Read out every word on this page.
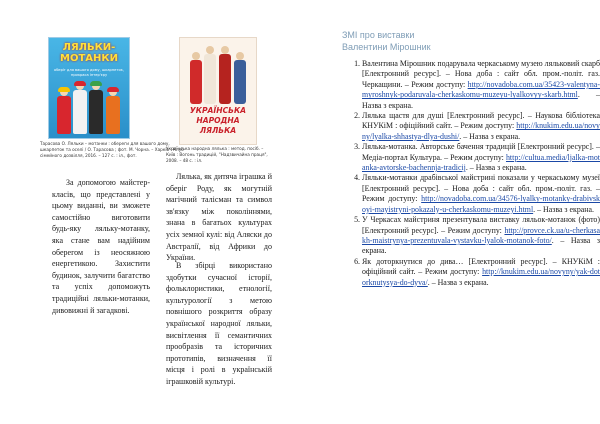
ЛЯЛЬКИ-МОТАНКИ
оберіг для вашого дому, шкарпеток, прикраса інтер'єру
Тарасова О. Ляльки – мотанки : обереги для вашого дому, шкарпеток та оселі / О. Тарасова ; фот. М. Чорна. – Харків : Клуб сімейного дозвілля, 2016. – 127 с. : іл., фот.

За допомогою майстер-класів, що представлені у цьому виданні, ви зможете самостійно виготовити будь-яку ляльку-мотанку, яка стане вам надійним оберегом із неосяжною енергетикою. Захистити будинок, залучити багатство та успіх допоможуть традиційні ляльки-мотанки, дивовижні й загадкові.

УКРАЇНСЬКА НАРОДНА ЛЯЛЬКА
Українська народна лялька : метод. посіб. – Київ : Вогонь традицій, "Надзвичайна праця", 2008. – 48 с. : іл.

Лялька, як дитяча іграшка й оберіг Роду, як могутній магічний талісман та символ зв'язку між поколіннями, знана в багатьох культурах усіх земної кулі: від Аляски до Австралії, від Африки до України.

В збірці використано здобутки сучасної історії, фольклористики, етнології, культурології з метою повнішого розкриття образу української народної ляльки, висвітлення її семантичних прообразів та історичних прототипів, визначення її місця і ролі в українській іграшковій культурі.

ЗМІ про виставки
Валентини Мірошник
1. Валентина Мірошник подарувала черкаському музею ляльковий скарб [Електронний ресурс]. – Нова доба : сайт обл. пром.-політ. газ. Черкащини. – Режим доступу: http://novadoba.com.ua/35423-valentyna-myroshnyk-podaruvala-cherkaskomu-muzeyu-lyalkovyy-skarb.html. – Назва з екрана.
2. Лялька щастя для душі [Електронний ресурс]. – Наукова бібліотека КНУКіМ : офіційний сайт. – Режим доступу: http://knukim.edu.ua/novyny/lyalka-shhastya-dlya-dushi/. – Назва з екрана.
3. Лялька-мотанка. Авторське бачення традицій [Електронний ресурс]. – Медіа-портал Культура. – Режим доступу: http://cultua.media/ljalka-motanka-avtorske-bachennja-tradicij. – Назва з екрана.
4. Ляльки-мотанки драбівської майстрині показали у черкаському музеї [Електронний ресурс]. – Нова доба : сайт обл. пром.-політ. газ. – Режим доступу: http://novadoba.com.ua/34576-lyalky-motanky-drabivskoyi-mayistryni-pokazaly-u-cherkaskomu-muzeyi.html. – Назва з екрана.
5. У Черкасах майстриня презентувала виставку ляльок-мотанок (фото) [Електронний ресурс]. – Режим доступу: http://provce.ck.ua/u-cherkasakh-maistrynya-prezentuvala-vystavku-lyalok-motanok-foto/. – Назва з екрана.
6. Як доторкнутися до дива… [Електронний ресурс]. – КНУКіМ : офіційний сайт. – Режим доступу: http://knukim.edu.ua/novyny/yak-dotorknutysya-do-dyva/. – Назва з екрана.
